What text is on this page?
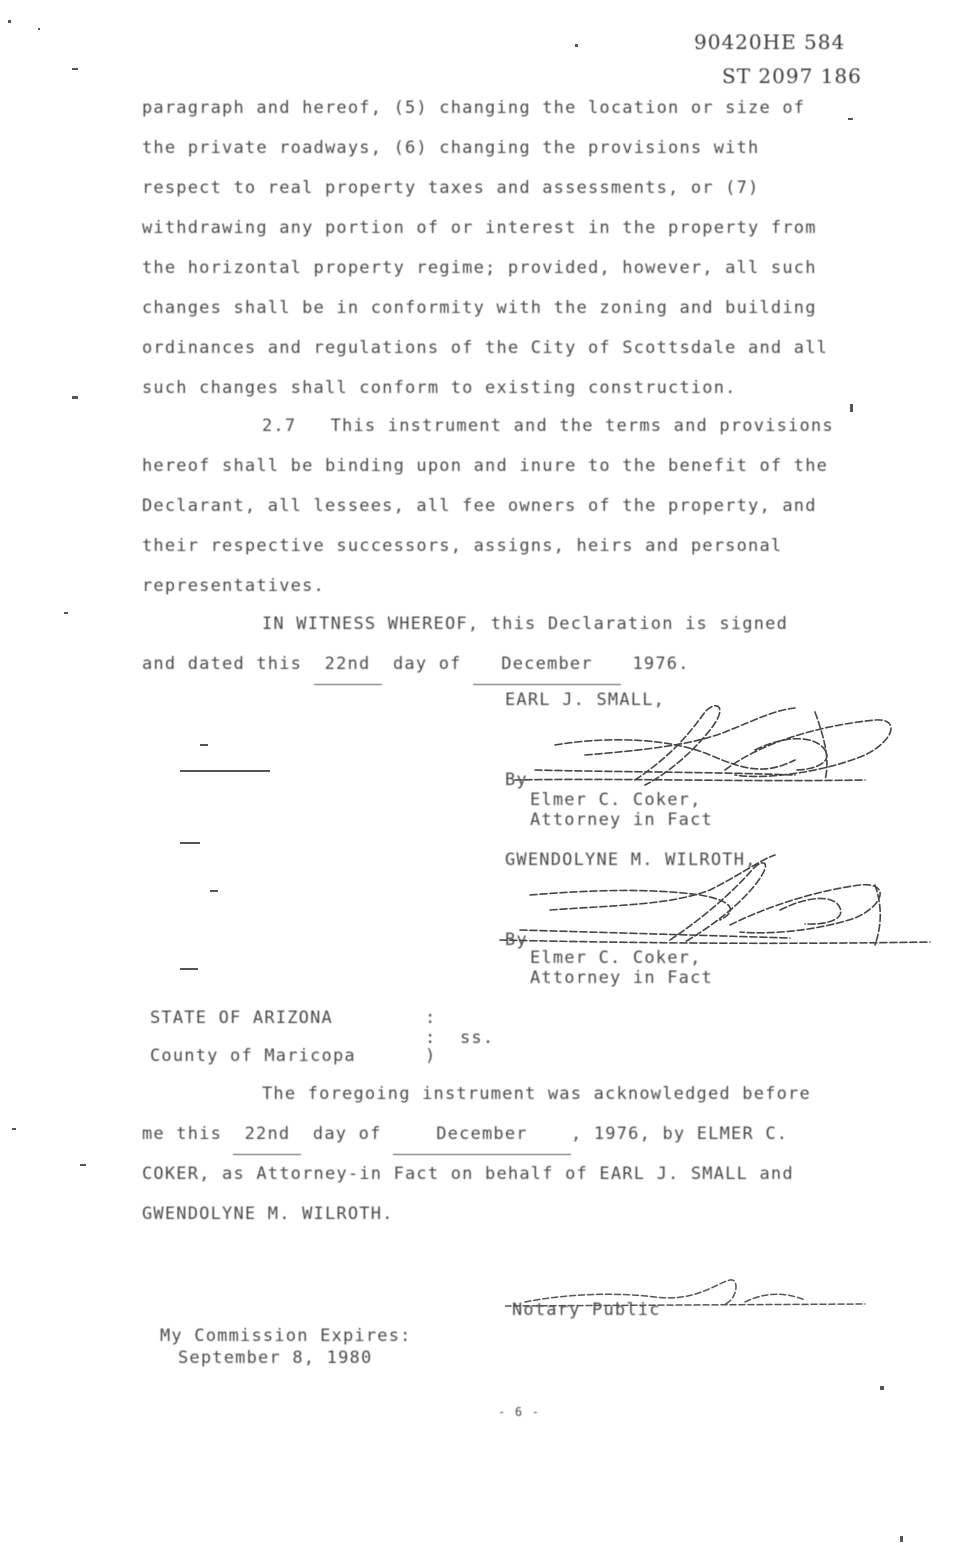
90420HE 584
ST 2097 186
paragraph and hereof, (5) changing the location or size of
the private roadways, (6) changing the provisions with
respect to real property taxes and assessments, or (7)
withdrawing any portion of or interest in the property from
the horizontal property regime; provided, however, all such
changes shall be in conformity with the zoning and building
ordinances and regulations of the City of Scottsdale and all
such changes shall conform to existing construction.
2.7 This instrument and the terms and provisions
hereof shall be binding upon and inure to the benefit of the
Declarant, all lessees, all fee owners of the property, and
their respective successors, assigns, heirs and personal
representatives.
IN WITNESS WHEREOF, this Declaration is signed
and dated this 22nd day of December 1976.
EARL J. SMALL,
By
Elmer C. Coker,
Attorney in Fact
GWENDOLYNE M. WILROTH,
By
Elmer C. Coker,
Attorney in Fact
STATE OF ARIZONA	:
: ss.
County of Maricopa	)
The foregoing instrument was acknowledged before
me this 22nd day of	December	, 1976, by ELMER C.
COKER, as Attorney-in Fact on behalf of EARL J. SMALL and
GWENDOLYNE M. WILROTH.
Notary Public
My Commission Expires:
September 8, 1980
- 6 -
